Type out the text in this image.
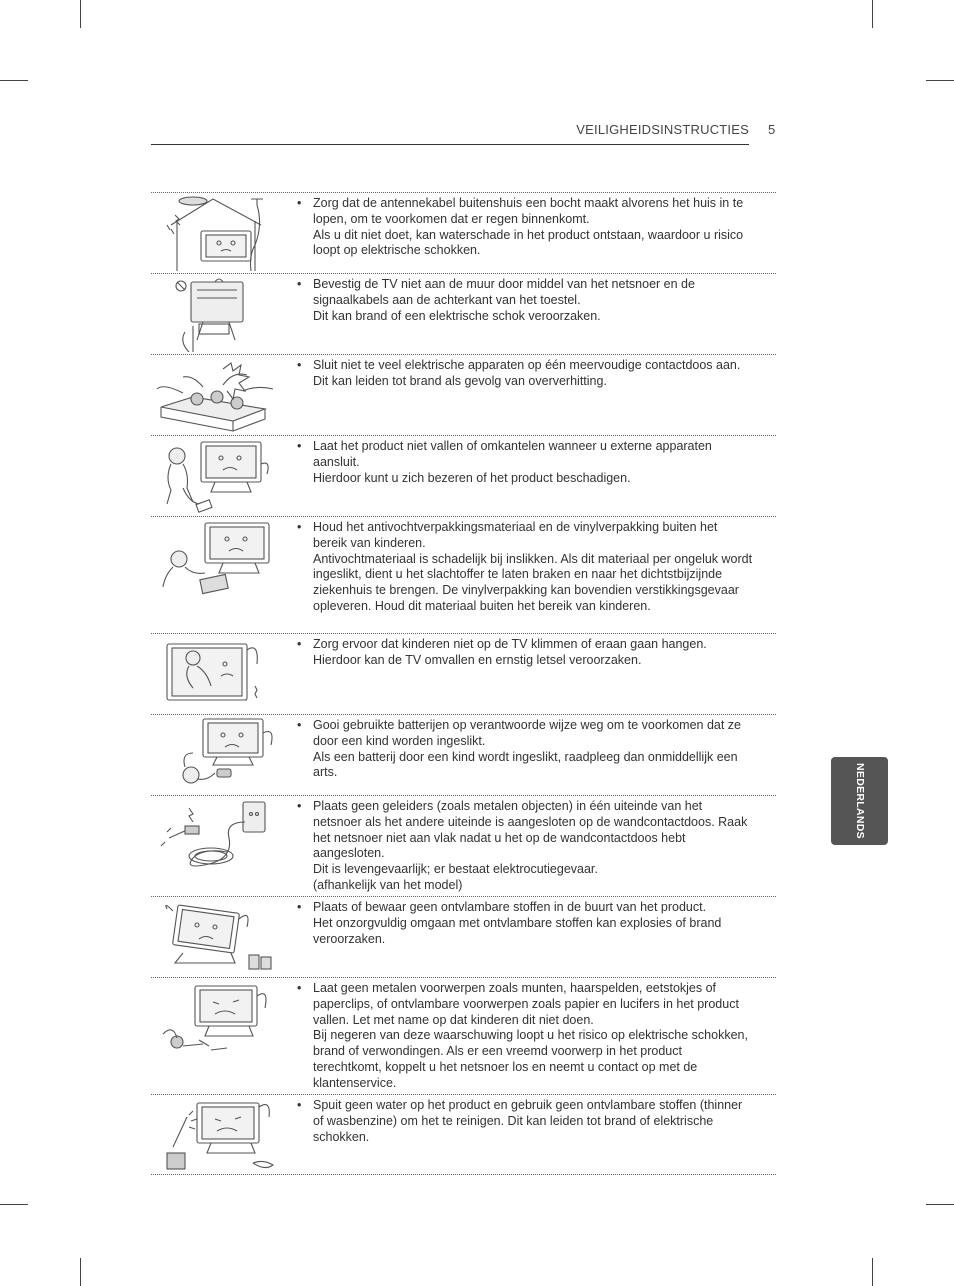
VEILIGHEIDSINSTRUCTIES 5
NEDERLANDS
• Zorg dat de antennekabel buitenshuis een bocht maakt alvorens het huis in te lopen, om te voorkomen dat er regen binnenkomt.

Als u dit niet doet, kan waterschade in het product ontstaan, waardoor u risico loopt op elektrische schokken.

• Bevestig de TV niet aan de muur door middel van het netsnoer en de signaalkabels aan de achterkant van het toestel.

Dit kan brand of een elektrische schok veroorzaken.

• Sluit niet te veel elektrische apparaten op één meervoudige contactdoos aan.

Dit kan leiden tot brand als gevolg van oververhitting.

• Laat het product niet vallen of omkantelen wanneer u externe apparaten aansluit.

Hierdoor kunt u zich bezeren of het product beschadigen.

• Houd het antivochtverpakkingsmateriaal en de vinylverpakking buiten het bereik van kinderen.

Antivochtmateriaal is schadelijk bij inslikken. Als dit materiaal per ongeluk wordt ingeslikt, dient u het slachtoffer te laten braken en naar het dichtstbijzijnde ziekenhuis te brengen. De vinylverpakking kan bovendien verstikkingsgevaar opleveren. Houd dit materiaal buiten het bereik van kinderen.

• Zorg ervoor dat kinderen niet op de TV klimmen of eraan gaan hangen.

Hierdoor kan de TV omvallen en ernstig letsel veroorzaken.

• Gooi gebruikte batterijen op verantwoorde wijze weg om te voorkomen dat ze door een kind worden ingeslikt.

Als een batterij door een kind wordt ingeslikt, raadpleeg dan onmiddellijk een arts.

• Plaats geen geleiders (zoals metalen objecten) in één uiteinde van het netsnoer als het andere uiteinde is aangesloten op de wandcontactdoos. Raak het netsnoer niet aan vlak nadat u het op de wandcontactdoos hebt aangesloten.

Dit is levengevaarlijk; er bestaat elektrocutiegevaar.

(afhankelijk van het model)

• Plaats of bewaar geen ontvlambare stoffen in de buurt van het product.

Het onzorgvuldig omgaan met ontvlambare stoffen kan explosies of brand veroorzaken.

• Laat geen metalen voorwerpen zoals munten, haarspelden, eetstokjes of paperclips, of ontvlambare voorwerpen zoals papier en lucifers in het product vallen. Let met name op dat kinderen dit niet doen.

Bij negeren van deze waarschuwing loopt u het risico op elektrische schokken, brand of verwondingen. Als er een vreemd voorwerp in het product terechtkomt, koppelt u het netsnoer los en neemt u contact op met de klantenservice.

• Spuit geen water op het product en gebruik geen ontvlambare stoffen (thinner of wasbenzine) om het te reinigen. Dit kan leiden tot brand of elektrische schokken.
